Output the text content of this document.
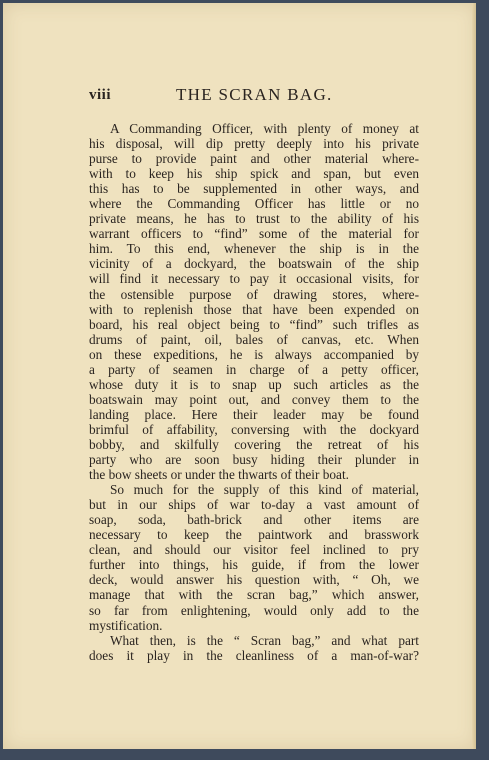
viii	THE SCRAN BAG.
A Commanding Officer, with plenty of money at
his disposal, will dip pretty deeply into his private
purse to provide paint and other material where-
with to keep his ship spick and span, but even
this has to be supplemented in other ways, and
where the Commanding Officer has little or no
private means, he has to trust to the ability of his
warrant officers to “find” some of the material for
him. To this end, whenever the ship is in the
vicinity of a dockyard, the boatswain of the ship
will find it necessary to pay it occasional visits, for
the ostensible purpose of drawing stores, where-
with to replenish those that have been expended on
board, his real object being to “find” such trifles as
drums of paint, oil, bales of canvas, etc. When
on these expeditions, he is always accompanied by
a party of seamen in charge of a petty officer,
whose duty it is to snap up such articles as the
boatswain may point out, and convey them to the
landing place. Here their leader may be found
brimful of affability, conversing with the dockyard
bobby, and skilfully covering the retreat of his
party who are soon busy hiding their plunder in
the bow sheets or under the thwarts of their boat.
So much for the supply of this kind of material,
but in our ships of war to-day a vast amount of
soap, soda, bath-brick and other items are
necessary to keep the paintwork and brasswork
clean, and should our visitor feel inclined to pry
further into things, his guide, if from the lower
deck, would answer his question with, “ Oh, we
manage that with the scran bag,” which answer,
so far from enlightening, would only add to the
mystification.
What then, is the “ Scran bag,” and what part
does it play in the cleanliness of a man-of-war?
